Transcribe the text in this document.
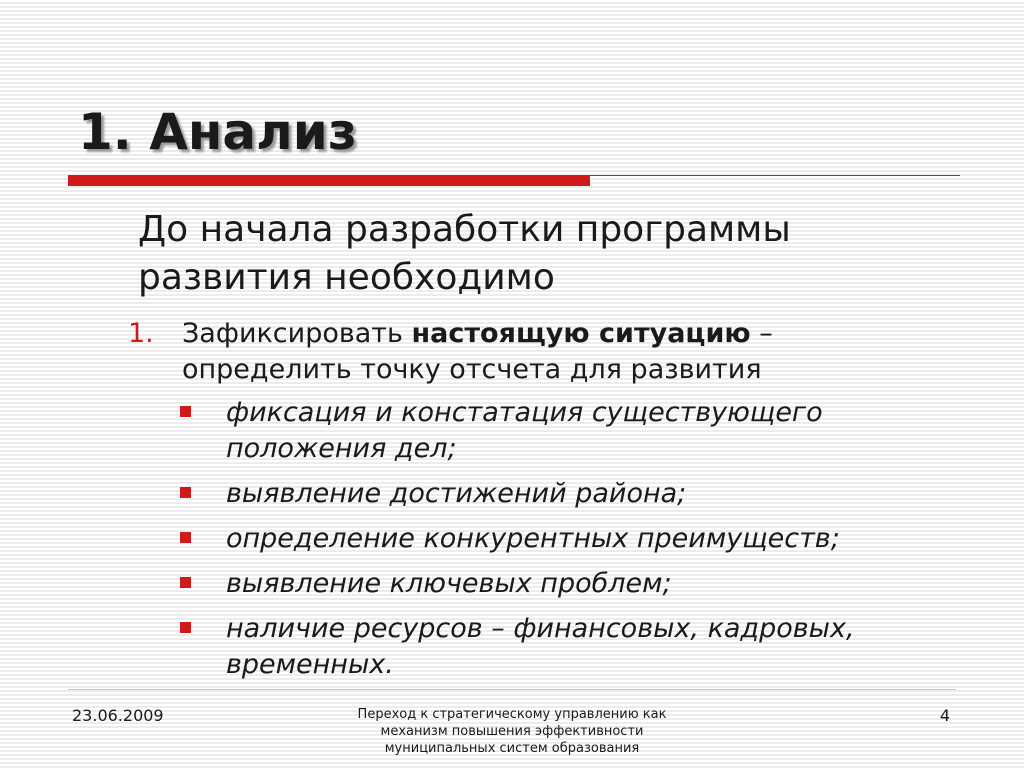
1. Анализ
До начала разработки программы развития необходимо
1. Зафиксировать настоящую ситуацию – определить точку отсчета для развития
фиксация и констатация существующего положения дел;
выявление достижений района;
определение конкурентных преимуществ;
выявление ключевых проблем;
наличие ресурсов – финансовых, кадровых, временных.
23.06.2009	Переход к стратегическому управлению как механизм повышения эффективности муниципальных систем образования
4
